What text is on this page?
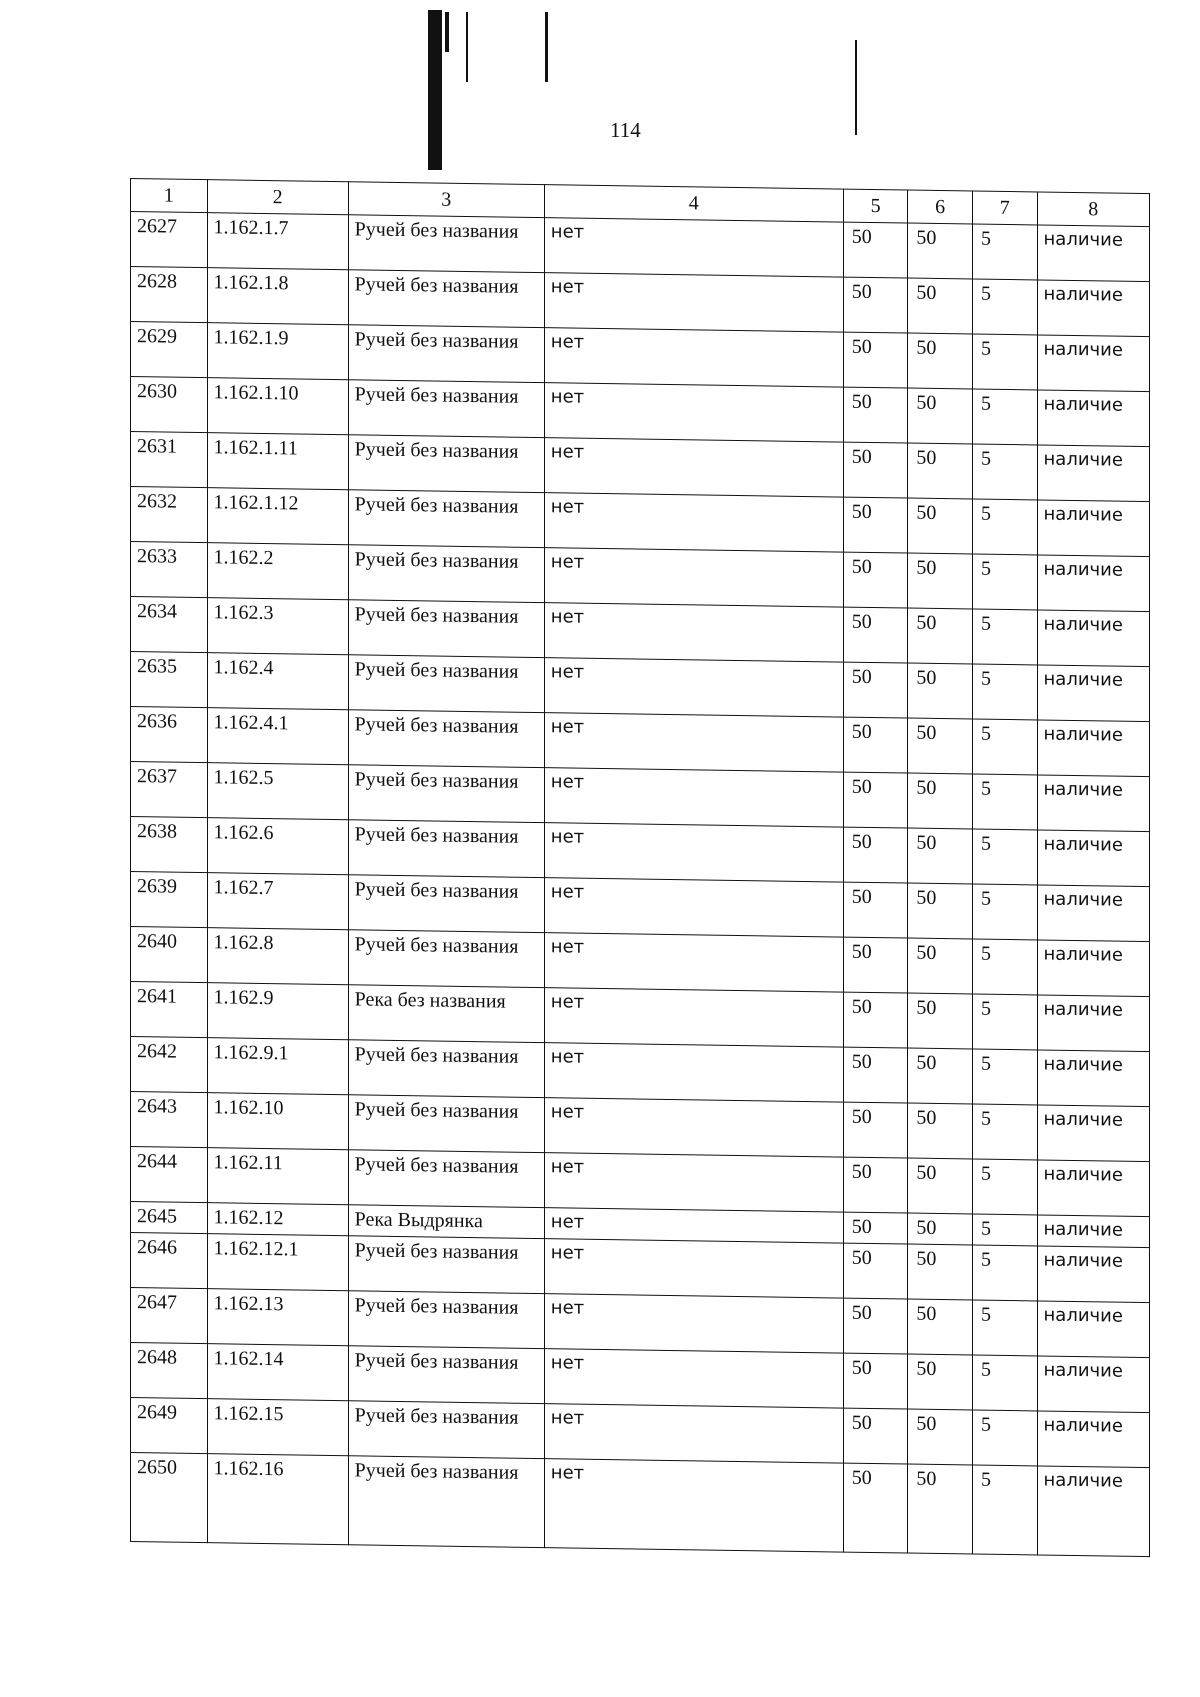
114
1	2	3	4	5	6	7	8
2627	1.162.1.7	Ручей без названия	нет	50	50	5	наличие
2628	1.162.1.8	Ручей без названия	нет	50	50	5	наличие
2629	1.162.1.9	Ручей без названия	нет	50	50	5	наличие
2630	1.162.1.10	Ручей без названия	нет	50	50	5	наличие
2631	1.162.1.11	Ручей без названия	нет	50	50	5	наличие
2632	1.162.1.12	Ручей без названия	нет	50	50	5	наличие
2633	1.162.2	Ручей без названия	нет	50	50	5	наличие
2634	1.162.3	Ручей без названия	нет	50	50	5	наличие
2635	1.162.4	Ручей без названия	нет	50	50	5	наличие
2636	1.162.4.1	Ручей без названия	нет	50	50	5	наличие
2637	1.162.5	Ручей без названия	нет	50	50	5	наличие
2638	1.162.6	Ручей без названия	нет	50	50	5	наличие
2639	1.162.7	Ручей без названия	нет	50	50	5	наличие
2640	1.162.8	Ручей без названия	нет	50	50	5	наличие
2641	1.162.9	Река без названия	нет	50	50	5	наличие
2642	1.162.9.1	Ручей без названия	нет	50	50	5	наличие
2643	1.162.10	Ручей без названия	нет	50	50	5	наличие
2644	1.162.11	Ручей без названия	нет	50	50	5	наличие
2645	1.162.12	Река Выдрянка	нет	50	50	5	наличие
2646	1.162.12.1	Ручей без названия	нет	50	50	5	наличие
2647	1.162.13	Ручей без названия	нет	50	50	5	наличие
2648	1.162.14	Ручей без названия	нет	50	50	5	наличие
2649	1.162.15	Ручей без названия	нет	50	50	5	наличие
2650	1.162.16	Ручей без названия	нет	50	50	5	наличие
